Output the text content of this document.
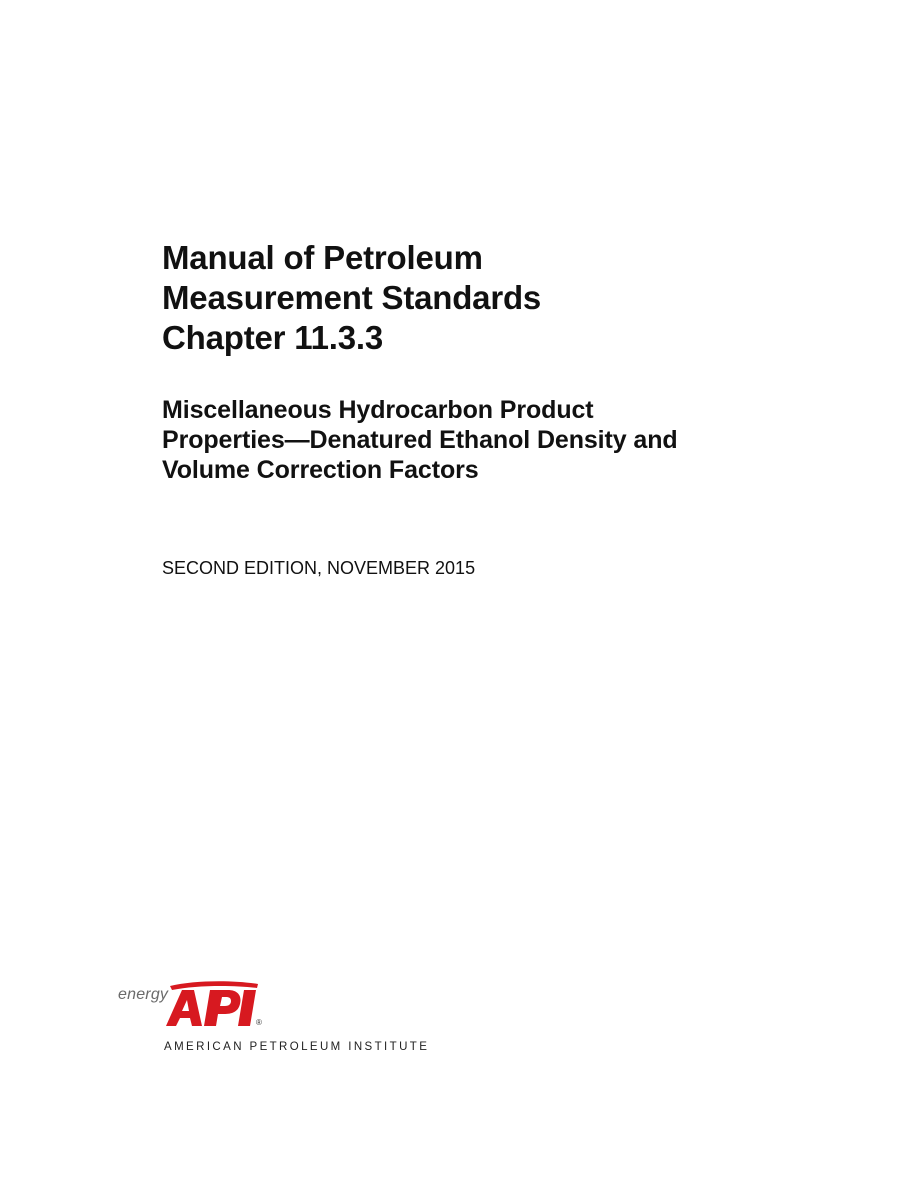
Manual of Petroleum
Measurement Standards
Chapter 11.3.3
Miscellaneous Hydrocarbon Product
Properties—Denatured Ethanol Density and
Volume Correction Factors
SECOND EDITION, NOVEMBER 2015
energy
®
AMERICAN PETROLEUM INSTITUTE
